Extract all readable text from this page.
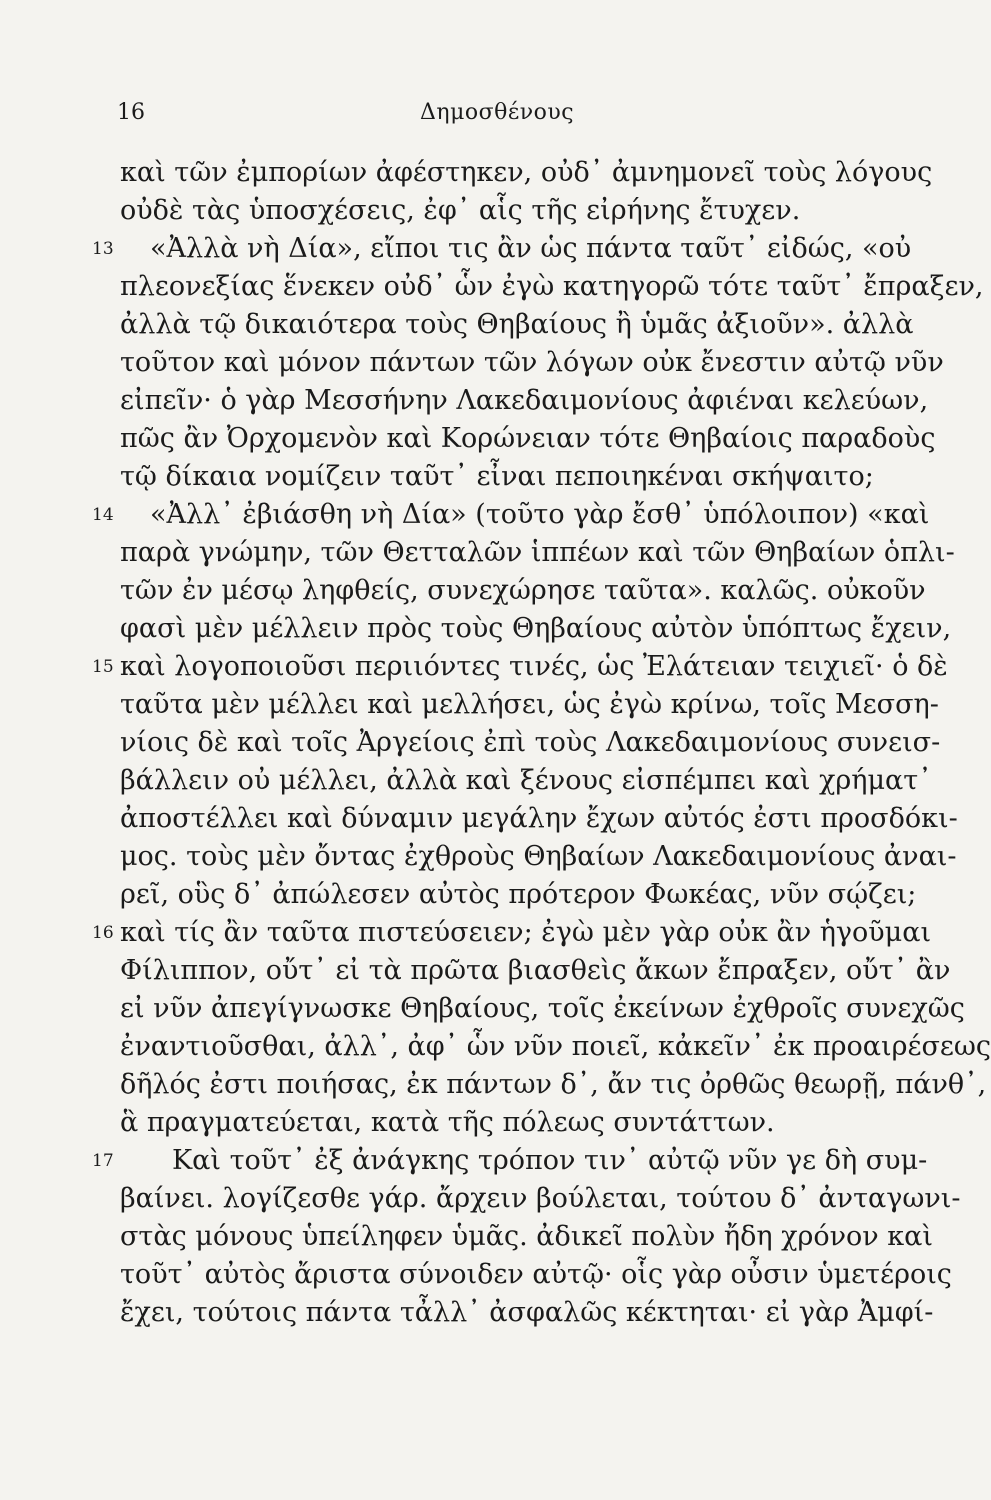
16	Δημοσθένους
καὶ τῶν ἐμπορίων ἀφέστηκεν, οὐδ᾽ ἀμνημονεῖ τοὺς λόγους
οὐδὲ τὰς ὑποσχέσεις, ἐφ᾽ αἷς τῆς εἰρήνης ἔτυχεν.
13	«Ἀλλὰ νὴ Δία», εἴποι τις ἂν ὡς πάντα ταῦτ᾽ εἰδώς, «οὐ
πλεονεξίας ἕνεκεν οὐδ᾽ ὧν ἐγὼ κατηγορῶ τότε ταῦτ᾽ ἔπραξεν,
ἀλλὰ τῷ δικαιότερα τοὺς Θηβαίους ἢ ὑμᾶς ἀξιοῦν». ἀλλὰ
τοῦτον καὶ μόνον πάντων τῶν λόγων οὐκ ἔνεστιν αὐτῷ νῦν
εἰπεῖν· ὁ γὰρ Μεσσήνην Λακεδαιμονίους ἀφιέναι κελεύων,
πῶς ἂν Ὀρχομενὸν καὶ Κορώνειαν τότε Θηβαίοις παραδοὺς
τῷ δίκαια νομίζειν ταῦτ᾽ εἶναι πεποιηκέναι σκήψαιτο;
14	«Ἀλλ᾽ ἐβιάσθη νὴ Δία» (τοῦτο γὰρ ἔσθ᾽ ὑπόλοιπον) «καὶ
παρὰ γνώμην, τῶν Θετταλῶν ἱππέων καὶ τῶν Θηβαίων ὁπλι-
τῶν ἐν μέσῳ ληφθείς, συνεχώρησε ταῦτα». καλῶς. οὐκοῦν
φασὶ μὲν μέλλειν πρὸς τοὺς Θηβαίους αὐτὸν ὑπόπτως ἔχειν,
15 καὶ λογοποιοῦσι περιιόντες τινές, ὡς Ἐλάτειαν τειχιεῖ· ὁ δὲ
ταῦτα μὲν μέλλει καὶ μελλήσει, ὡς ἐγὼ κρίνω, τοῖς Μεσση-
νίοις δὲ καὶ τοῖς Ἀργείοις ἐπὶ τοὺς Λακεδαιμονίους συνεισ-
βάλλειν οὐ μέλλει, ἀλλὰ καὶ ξένους εἰσπέμπει καὶ χρήματ᾽
ἀποστέλλει καὶ δύναμιν μεγάλην ἔχων αὐτός ἐστι προσδόκι-
μος. τοὺς μὲν ὄντας ἐχθροὺς Θηβαίων Λακεδαιμονίους ἀναι-
ρεῖ, οὓς δ᾽ ἀπώλεσεν αὐτὸς πρότερον Φωκέας, νῦν σῴζει;
16 καὶ τίς ἂν ταῦτα πιστεύσειεν; ἐγὼ μὲν γὰρ οὐκ ἂν ἡγοῦμαι
Φίλιππον, οὔτ᾽ εἰ τὰ πρῶτα βιασθεὶς ἄκων ἔπραξεν, οὔτ᾽ ἂν
εἰ νῦν ἀπεγίγνωσκε Θηβαίους, τοῖς ἐκείνων ἐχθροῖς συνεχῶς
ἐναντιοῦσθαι, ἀλλ᾽, ἀφ᾽ ὧν νῦν ποιεῖ, κἀκεῖν᾽ ἐκ προαιρέσεως
δῆλός ἐστι ποιήσας, ἐκ πάντων δ᾽, ἄν τις ὀρθῶς θεωρῇ, πάνθ᾽,
ἃ πραγματεύεται, κατὰ τῆς πόλεως συντάττων.
17	Καὶ τοῦτ᾽ ἐξ ἀνάγκης τρόπον τιν᾽ αὐτῷ νῦν γε δὴ συμ-
βαίνει. λογίζεσθε γάρ. ἄρχειν βούλεται, τούτου δ᾽ ἀνταγωνι-
στὰς μόνους ὑπείληφεν ὑμᾶς. ἀδικεῖ πολὺν ἤδη χρόνον καὶ
τοῦτ᾽ αὐτὸς ἄριστα σύνοιδεν αὐτῷ· οἷς γὰρ οὖσιν ὑμετέροις
ἔχει, τούτοις πάντα τἆλλ᾽ ἀσφαλῶς κέκτηται· εἰ γὰρ Ἀμφί-
